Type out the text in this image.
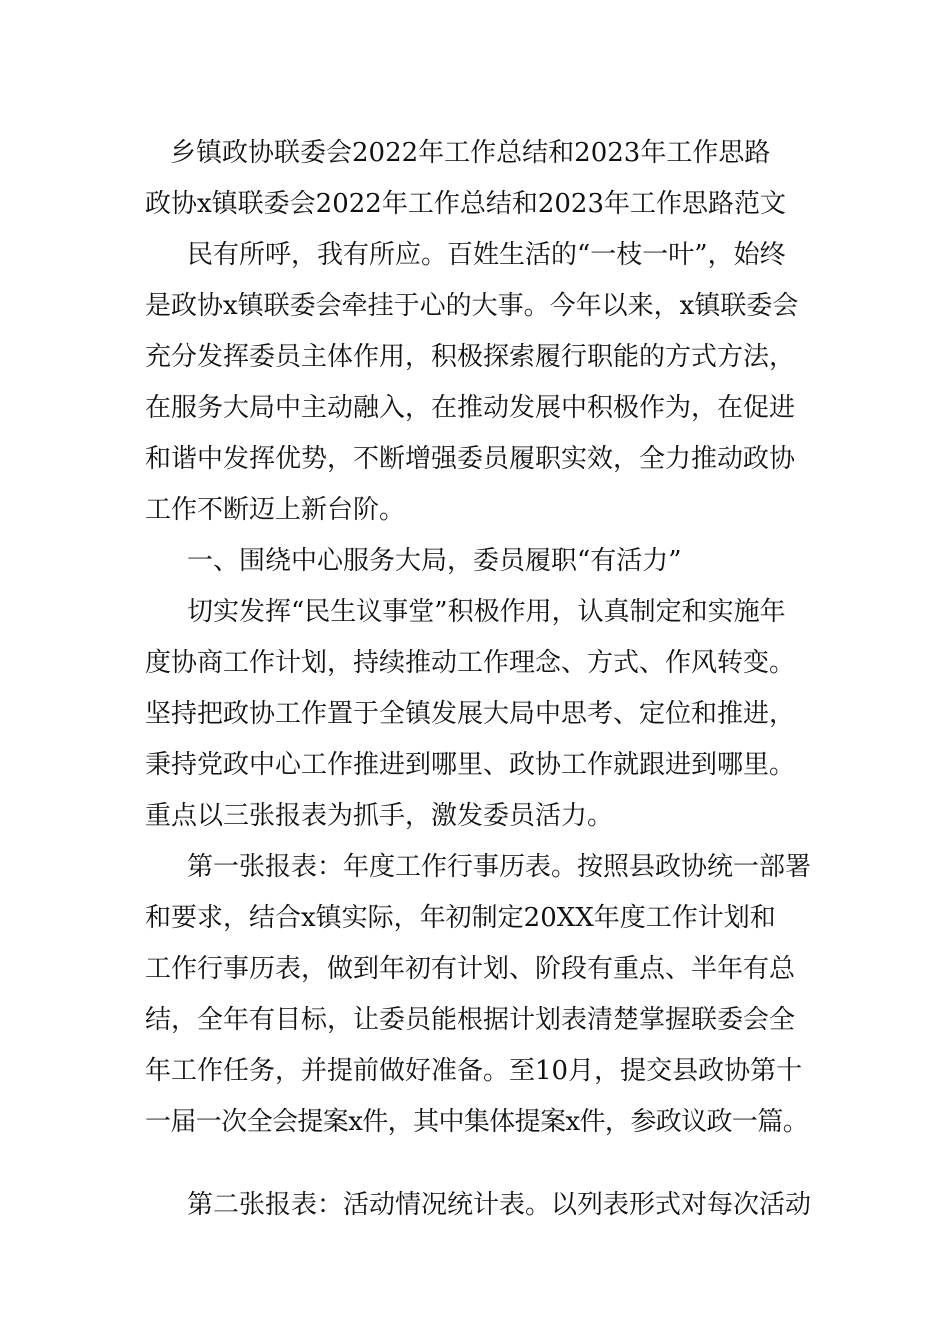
乡镇政协联委会2022年工作总结和2023年工作思路
政协x镇联委会2022年工作总结和2023年工作思路范文
民有所呼，我有所应。百姓生活的“一枝一叶”，始终
是政协x镇联委会牵挂于心的大事。今年以来，x镇联委会
充分发挥委员主体作用，积极探索履行职能的方式方法，
在服务大局中主动融入，在推动发展中积极作为，在促进
和谐中发挥优势，不断增强委员履职实效，全力推动政协
工作不断迈上新台阶。
一、围绕中心服务大局，委员履职“有活力”
切实发挥“民生议事堂”积极作用，认真制定和实施年
度协商工作计划，持续推动工作理念、方式、作风转变。
坚持把政协工作置于全镇发展大局中思考、定位和推进，
秉持党政中心工作推进到哪里、政协工作就跟进到哪里。
重点以三张报表为抓手，激发委员活力。
第一张报表：年度工作行事历表。按照县政协统一部署
和要求，结合x镇实际，年初制定20XX年度工作计划和
工作行事历表，做到年初有计划、阶段有重点、半年有总
结，全年有目标，让委员能根据计划表清楚掌握联委会全
年工作任务，并提前做好准备。至10月，提交县政协第十
一届一次全会提案x件，其中集体提案x件，参政议政一篇。
第二张报表：活动情况统计表。以列表形式对每次活动
